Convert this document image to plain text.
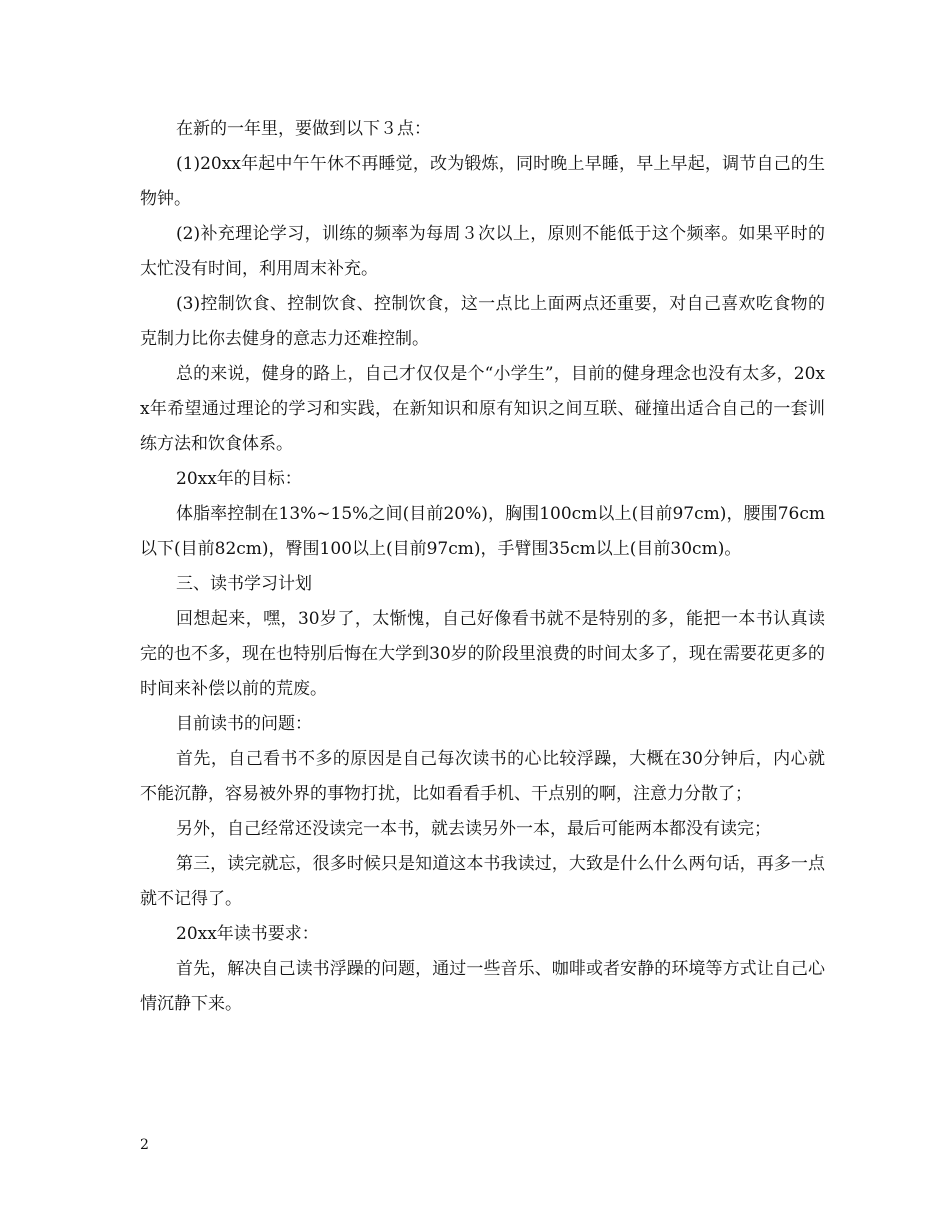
在新的一年里，要做到以下３点：

(1)20xx年起中午午休不再睡觉，改为锻炼，同时晚上早睡，早上早起，调节自己的生物钟。

(2)补充理论学习，训练的频率为每周３次以上，原则不能低于这个频率。如果平时的太忙没有时间，利用周末补充。

(3)控制饮食、控制饮食、控制饮食，这一点比上面两点还重要，对自己喜欢吃食物的克制力比你去健身的意志力还难控制。

总的来说，健身的路上，自己才仅仅是个“小学生”，目前的健身理念也没有太多，20xx年希望通过理论的学习和实践，在新知识和原有知识之间互联、碰撞出适合自己的一套训练方法和饮食体系。

20xx年的目标：

体脂率控制在13%~15%之间(目前20%)，胸围100cm以上(目前97cm)，腰围76cm以下(目前82cm)，臀围100以上(目前97cm)，手臂围35cm以上(目前30cm)。

三、读书学习计划

回想起来，嘿，30岁了，太惭愧，自己好像看书就不是特别的多，能把一本书认真读完的也不多，现在也特别后悔在大学到30岁的阶段里浪费的时间太多了，现在需要花更多的时间来补偿以前的荒废。

目前读书的问题：

首先，自己看书不多的原因是自己每次读书的心比较浮躁，大概在30分钟后，内心就不能沉静，容易被外界的事物打扰，比如看看手机、干点别的啊，注意力分散了；

另外，自己经常还没读完一本书，就去读另外一本，最后可能两本都没有读完；

第三，读完就忘，很多时候只是知道这本书我读过，大致是什么什么两句话，再多一点就不记得了。

20xx年读书要求：

首先，解决自己读书浮躁的问题，通过一些音乐、咖啡或者安静的环境等方式让自己心情沉静下来。

2
